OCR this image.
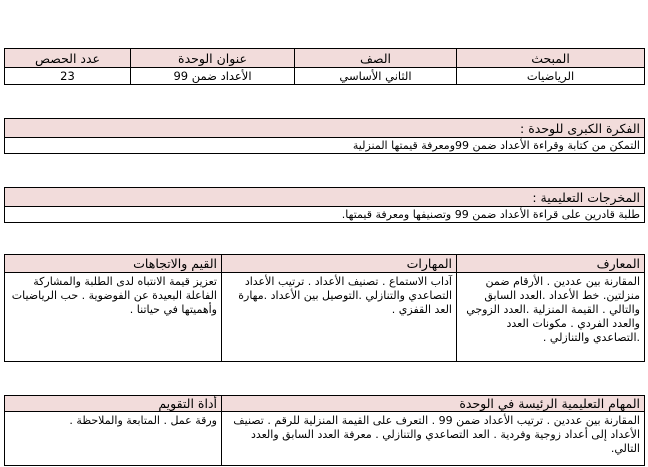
عدد الحصص	عنوان الوحدة	الصف	المبحث
23	الأعداد ضمن 99	الثاني الأساسي	الرياضيات
الفكرة الكبرى للوحدة :
التمكن من كتابة وقراءة الأعداد ضمن 99ومعرفة قيمتها المنزلية
المخرجات التعليمية :
طلبة قادرين على قراءة الأعداد ضمن 99 وتصنيفها ومعرفة قيمتها.
القيم والاتجاهات	المهارات	المعارف
تعزيز قيمة الانتباه لدى الطلبة والمشاركة الفاعلة البعيدة عن الفوضوية . حب الرياضيات وأهميتها في حياتنا .	آداب الاستماع . تصنيف الأعداد . ترتيب الأعداد التصاعدي والتنازلي .التوصيل بين الأعداد .مهارة العد القفزي .	المقارنة بين عددين . الأرقام ضمن منزلتين. خط الأعداد .العدد السابق والتالي . القيمة المنزلية .العدد الزوجي والعدد الفردي . مكونات العدد .التصاعدي والتنازلي .
أداة التقويم	المهام التعليمية الرئيسة في الوحدة
ورقة عمل . المتابعة والملاحظة .	المقارنة بين عددين . ترتيب الأعداد ضمن 99 . التعرف على القيمة المنزلية للرقم . تصنيف الأعداد إلى أعداد زوجية وفردية . العد التصاعدي والتنازلي . معرفة العدد السابق والعدد التالي.
